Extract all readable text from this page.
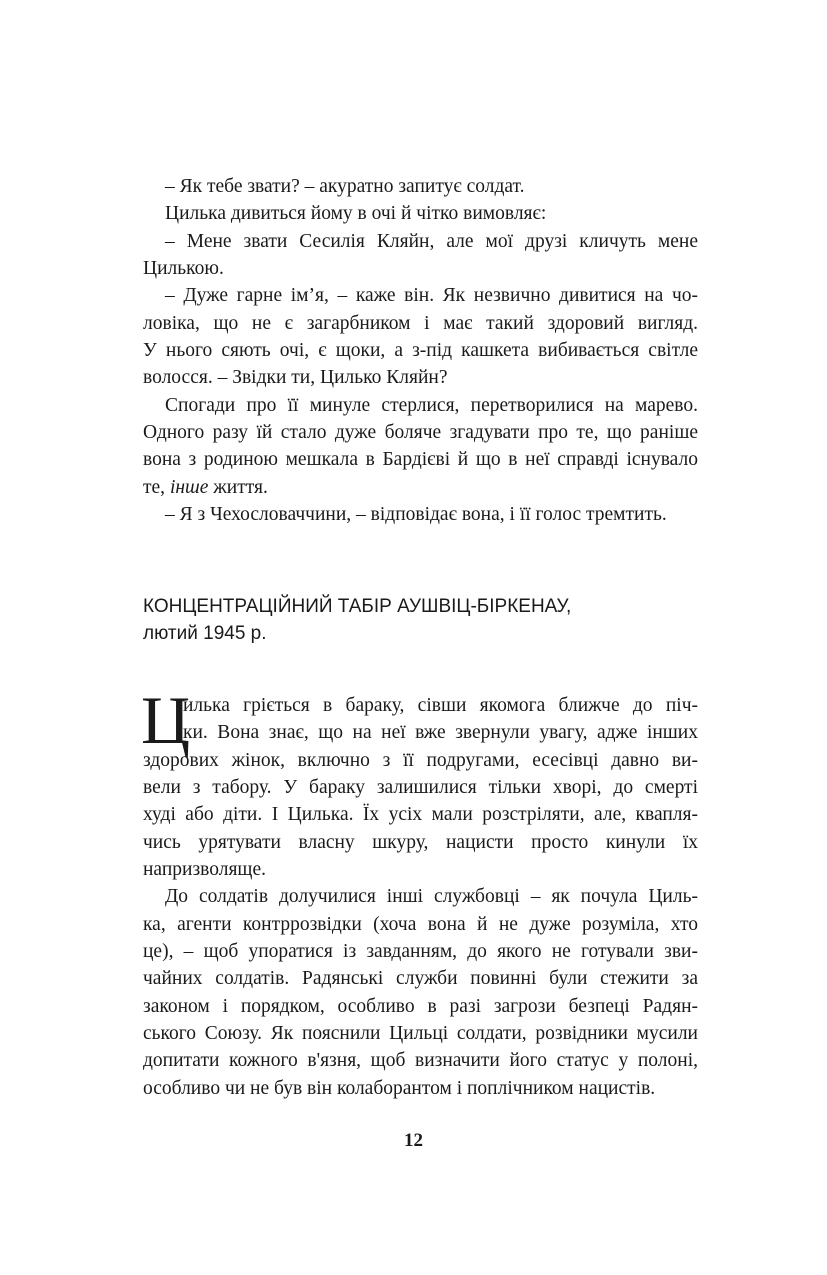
– Як тебе звати? – акуратно запитує солдат.
Цилька дивиться йому в очі й чітко вимовляє:
– Мене звати Сесилія Кляйн, але мої друзі кличуть мене
Цилькою.
– Дуже гарне ім’я, – каже він. Як незвично дивитися на чо-
ловіка, що не є загарбником і має такий здоровий вигляд.
У нього сяють очі, є щоки, а з-під кашкета вибивається світле
волосся. – Звідки ти, Цилько Кляйн?
Спогади про її минуле стерлися, перетворилися на марево.
Одного разу їй стало дуже боляче згадувати про те, що раніше
вона з родиною мешкала в Бардієві й що в неї справді існувало
те, інше життя.
– Я з Чехословаччини, – відповідає вона, і її голос тремтить.
КОНЦЕНТРАЦІЙНИЙ ТАБІР АУШВІЦ-БІРКЕНАУ,
лютий 1945 р.
Ц
илька гріється в бараку, сівши якомога ближче до піч-
ки. Вона знає, що на неї вже звернули увагу, адже інших
здорових жінок, включно з її подругами, есесівці давно ви-
вели з табору. У бараку залишилися тільки хворі, до смерті
худі або діти. І Цилька. Їх усіх мали розстріляти, але, квапля-
чись урятувати власну шкуру, нацисти просто кинули їх
напризволяще.
До солдатів долучилися інші службовці – як почула Циль-
ка, агенти контррозвідки (хоча вона й не дуже розуміла, хто
це), – щоб упоратися із завданням, до якого не готували зви-
чайних солдатів. Радянські служби повинні були стежити за
законом і порядком, особливо в разі загрози безпеці Радян-
ського Союзу. Як пояснили Цильці солдати, розвідники мусили
допитати кожного в'язня, щоб визначити його статус у полоні,
особливо чи не був він колаборантом і поплічником нацистів.
12
